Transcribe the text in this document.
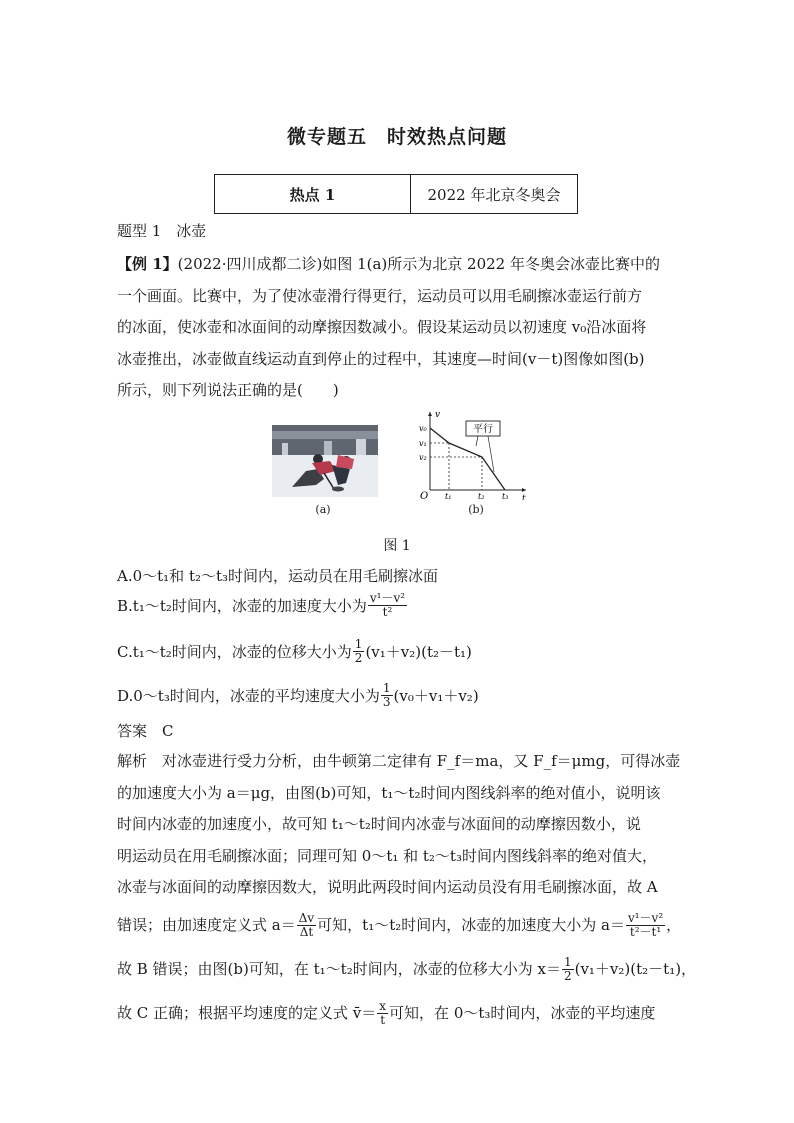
微专题五　时效热点问题
热点 1	2022 年北京冬奥会
题型 1　冰壶
【例 1】(2022·四川成都二诊)如图 1(a)所示为北京 2022 年冬奥会冰壶比赛中的
一个画面。比赛中，为了使冰壶滑行得更行，运动员可以用毛刷擦冰壶运行前方
的冰面，使冰壶和冰面间的动摩擦因数减小。假设某运动员以初速度 v₀沿冰面将
冰壶推出，冰壶做直线运动直到停止的过程中，其速度—时间(v－t)图像如图(b)
所示，则下列说法正确的是(　　)
(a)
平行
v
t
O
v₀
v₁
v₂
t₁	t₂ t₃
(b)
图 1
A.0～t₁和 t₂～t₃时间内，运动员在用毛刷擦冰面
B.t₁～t₂时间内，冰壶的加速度大小为 $\frac{\text{v¹－v²}}{\text{t²}}$
C.t₁～t₂时间内，冰壶的位移大小为 $\frac{1}{2} (v_1+v_2)(t_2-t_1)$
D.0～t₃时间内，冰壶的平均速度大小为 $\frac{1}{3} (v_0+v_1+v_2)$
答案　C
解析　对冰壶进行受力分析，由牛顿第二定律有 F_f＝ma，又 F_f＝μmg，可得冰壶
的加速度大小为 a＝μg，由图(b)可知，t₁～t₂时间内图线斜率的绝对值小，说明该
时间内冰壶的加速度小，故可知 t₁～t₂时间内冰壶与冰面间的动摩擦因数小，说
明运动员在用毛刷擦冰面；同理可知 0～t₁ 和 t₂～t₃时间内图线斜率的绝对值大，
冰壶与冰面间的动摩擦因数大，说明此两段时间内运动员没有用毛刷擦冰面，故 A
错误；由加速度定义式 $a= \frac{\Delta v}{\Delta t}$ 可知，t₁～t₂时间内，冰壶的加速度大小为 $a= \frac{\text{v¹－v²}}{\text{t²－t¹}}$ ，
故 B 错误；由图(b)可知，在 t₁～t₂时间内，冰壶的位移大小为 $x= \frac{1}{2} (v_1+v_2)(t_2-t_1)$，
故 C 正确；根据平均速度的定义式 v̄＝ $\frac{x}{t}$ 可知，在 0～t₃时间内，冰壶的平均速度
